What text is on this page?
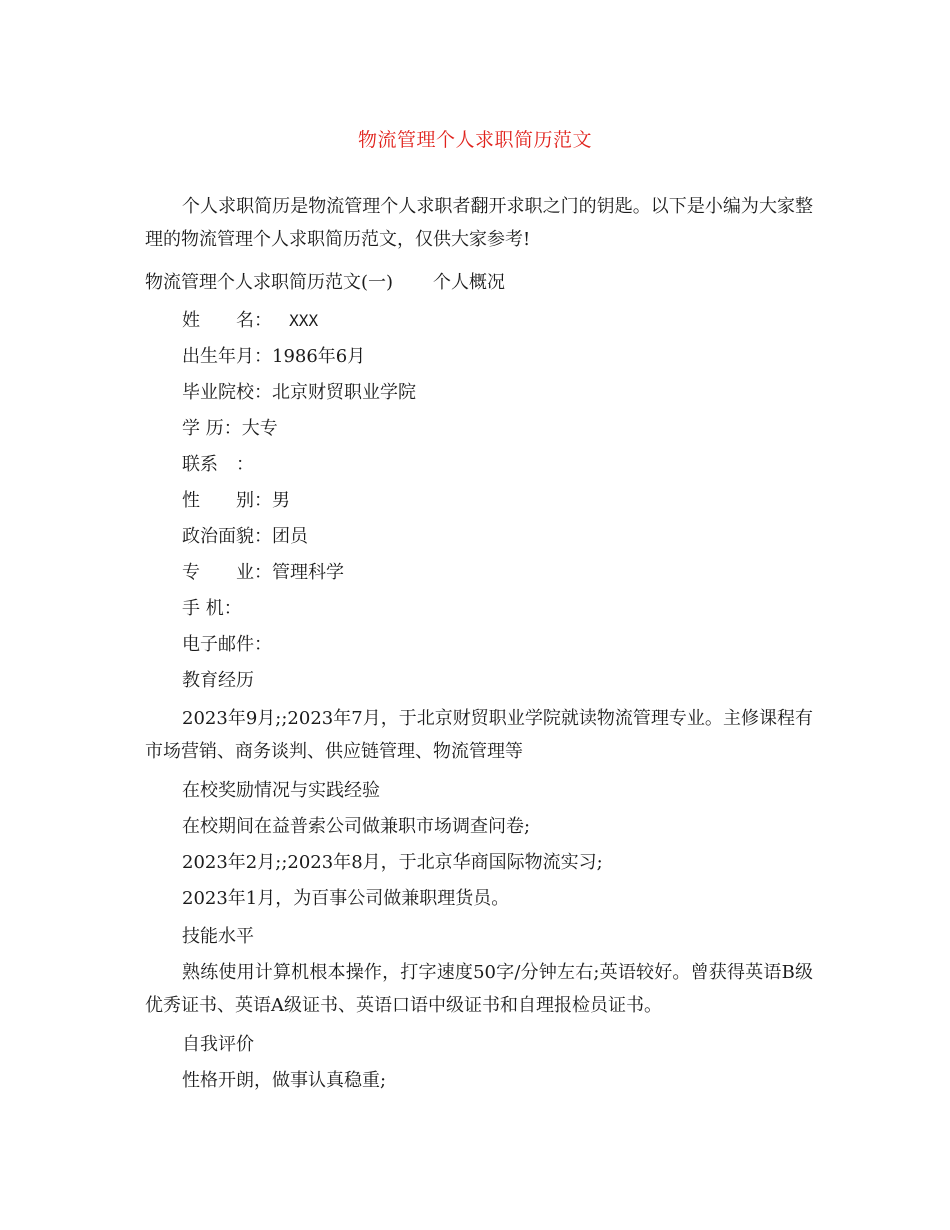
物流管理个人求职简历范文
个人求职简历是物流管理个人求职者翻开求职之门的钥匙。以下是小编为大家整理的物流管理个人求职简历范文，仅供大家参考!
物流管理个人求职简历范文(一) 个人概况
姓　　名： XXX
出生年月：1986年6月
毕业院校：北京财贸职业学院
学 历：大专
联系　：
性　　别：男
政治面貌：团员
专　　业：管理科学
手 机：
电子邮件：
教育经历
2023年9月;;2023年7月，于北京财贸职业学院就读物流管理专业。主修课程有市场营销、商务谈判、供应链管理、物流管理等
在校奖励情况与实践经验
在校期间在益普索公司做兼职市场调查问卷;
2023年2月;;2023年8月，于北京华商国际物流实习;
2023年1月，为百事公司做兼职理货员。
技能水平
熟练使用计算机根本操作，打字速度50字/分钟左右;英语较好。曾获得英语B级优秀证书、英语A级证书、英语口语中级证书和自理报检员证书。
自我评价
性格开朗，做事认真稳重;
